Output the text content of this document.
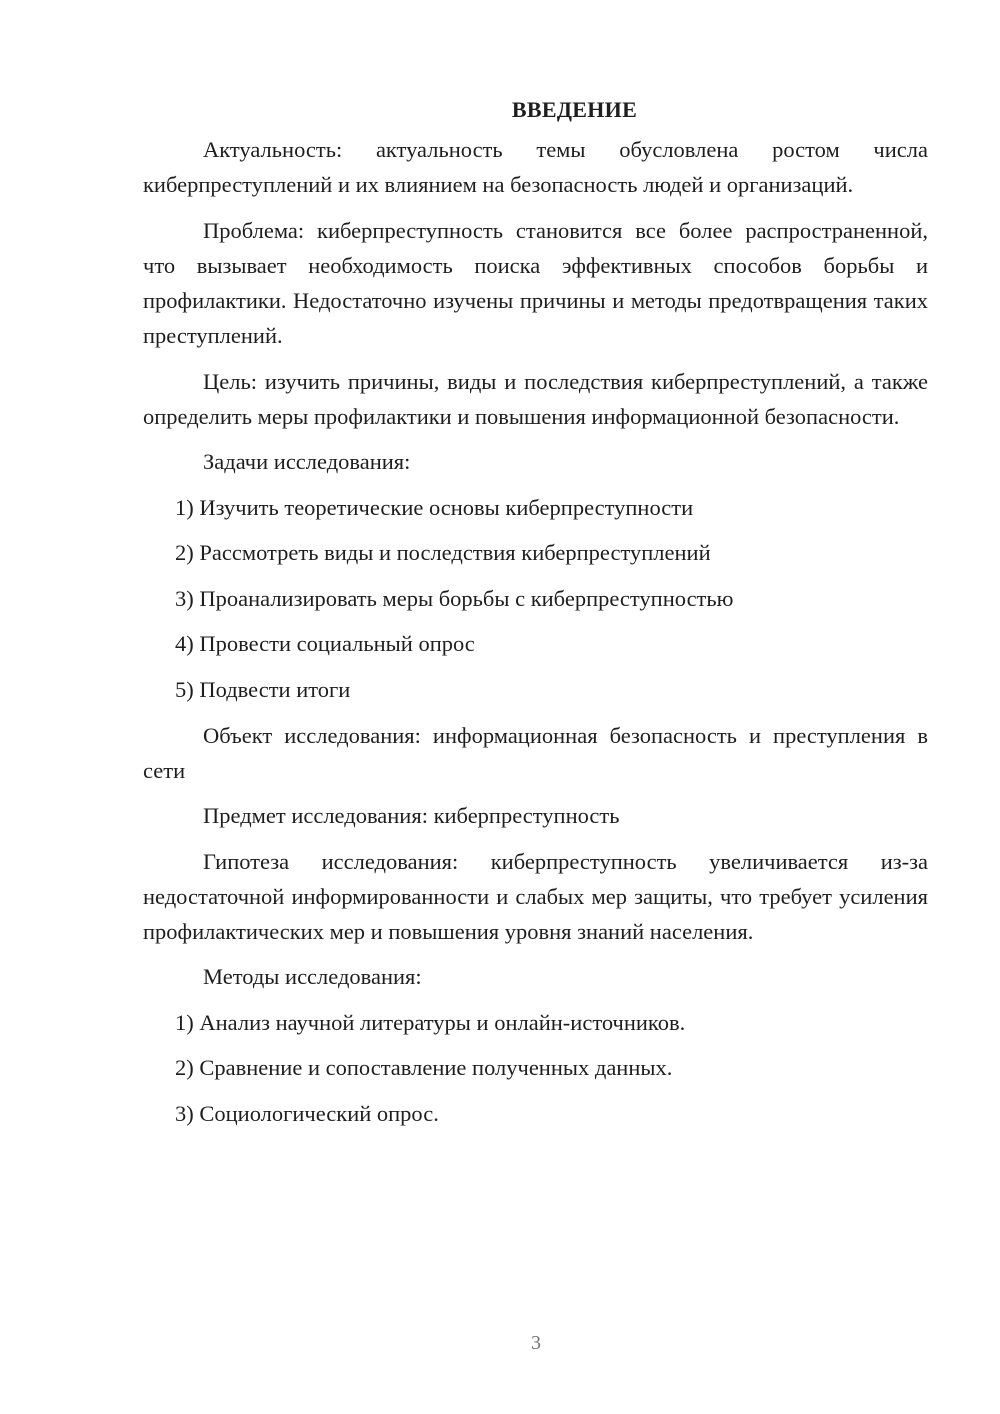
ВВЕДЕНИЕ

Актуальность: актуальность темы обусловлена ростом числа киберпреступлений и их влиянием на безопасность людей и организаций.

Проблема: киберпреступность становится все более распространенной, что вызывает необходимость поиска эффективных способов борьбы и профилактики. Недостаточно изучены причины и методы предотвращения таких преступлений.

Цель: изучить причины, виды и последствия киберпреступлений, а также определить меры профилактики и повышения информационной безопасности.

Задачи исследования:

1) Изучить теоретические основы киберпреступности
2) Рассмотреть виды и последствия киберпреступлений
3) Проанализировать меры борьбы с киберпреступностью
4) Провести социальный опрос
5) Подвести итоги

Объект исследования: информационная безопасность и преступления в сети

Предмет исследования: киберпреступность

Гипотеза исследования: киберпреступность увеличивается из-за недостаточной информированности и слабых мер защиты, что требует усиления профилактических мер и повышения уровня знаний населения.

Методы исследования:

1) Анализ научной литературы и онлайн-источников.
2) Сравнение и сопоставление полученных данных.
3) Социологический опрос.
3
